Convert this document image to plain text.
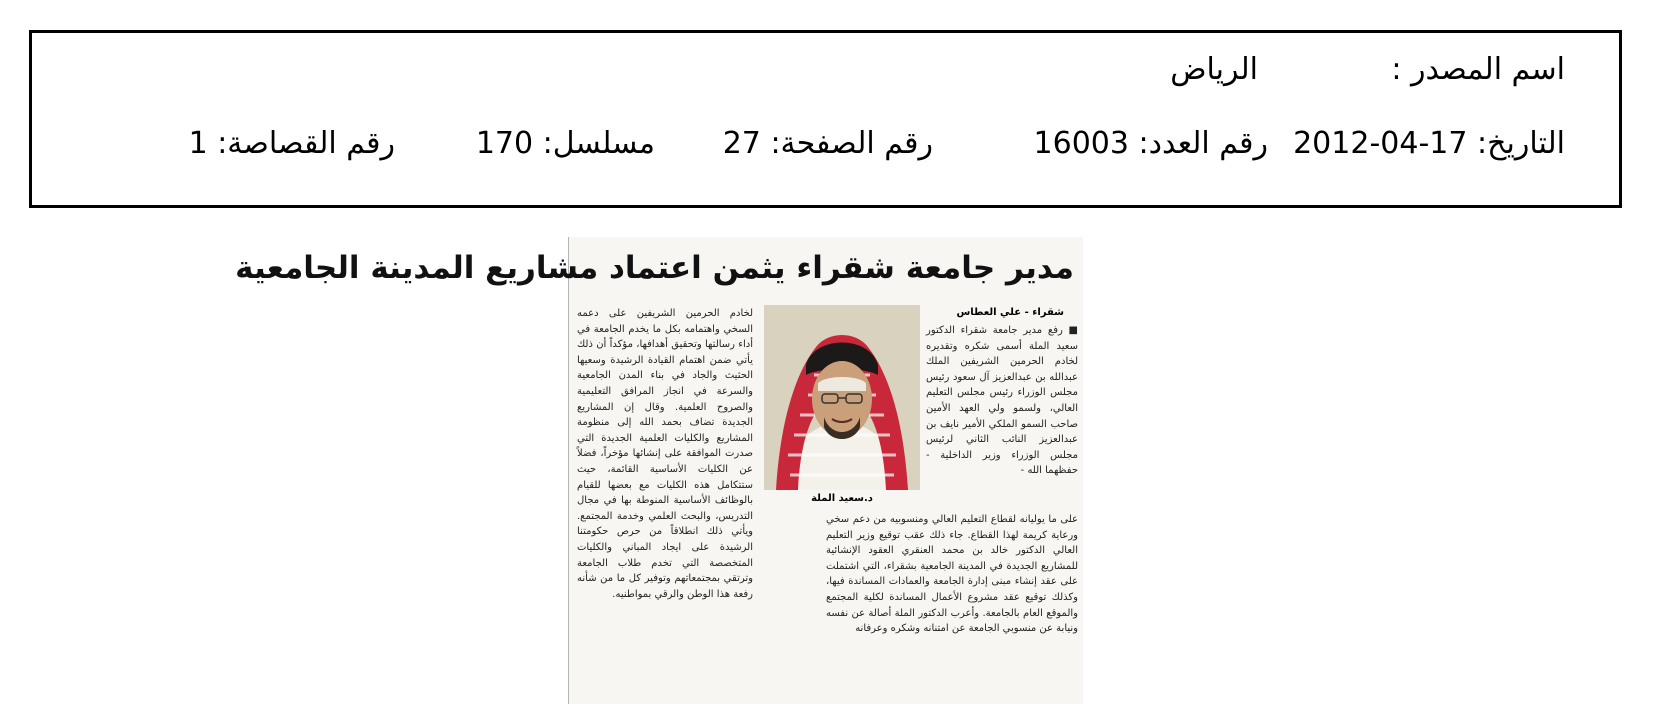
اسم المصدر :
الرياض
التاريخ: 17-04-2012
رقم العدد: 16003
رقم الصفحة: 27
مسلسل: 170
رقم القصاصة: 1
مدير جامعة شقراء يثمن اعتماد مشاريع المدينة الجامعية
شقراء - علي العطاس
■ رفع مدير جامعة شقراء الدكتور سعيد الملة أسمى شكره وتقديره لخادم الحرمين الشريفين الملك عبدالله بن عبدالعزيز آل سعود رئيس مجلس الوزراء رئيس مجلس التعليم العالي، ولسمو ولي العهد الأمين صاحب السمو الملكي الأمير نايف بن عبدالعزيز النائب الثاني لرئيس مجلس الوزراء وزير الداخلية - حفظهما الله -
د.سعيد الملة
على ما يوليانه لقطاع التعليم العالي ومنسوبيه من دعم سخي ورعاية كريمة لهذا القطاع. جاء ذلك عقب توقيع وزير التعليم العالي الدكتور خالد بن محمد العنقري العقود الإنشائية للمشاريع الجديدة في المدينة الجامعية بشقراء، التي اشتملت على عقد إنشاء مبنى إدارة الجامعة والعمادات المساندة فيها، وكذلك توقيع عقد مشروع الأعمال المساندة لكلية المجتمع والموقع العام بالجامعة. وأعرب الدكتور الملة أصالة عن نفسه ونيابة عن منسوبي الجامعة عن امتنانه وشكره وعرفانه
لخادم الحرمين الشريفين على دعمه السخي واهتمامه بكل ما يخدم الجامعة في أداء رسالتها وتحقيق أهدافها، مؤكداً أن ذلك يأتي ضمن اهتمام القيادة الرشيدة وسعيها الحثيث والجاد في بناء المدن الجامعية والسرعة في انجاز المرافق التعليمية والصروح العلمية. وقال إن المشاريع الجديدة تضاف بحمد الله إلى منظومة المشاريع والكليات العلمية الجديدة التي صدرت الموافقة على إنشائها مؤخراً، فضلاً عن الكليات الأساسية القائمة، حيث ستتكامل هذه الكليات مع بعضها للقيام بالوظائف الأساسية المنوطة بها في مجال التدريس، والبحث العلمي وخدمة المجتمع. ويأتي ذلك انطلاقاً من حرص حكومتنا الرشيدة على ايجاد المباني والكليات المتخصصة التي تخدم طلاب الجامعة وترتقي بمجتمعاتهم وتوفير كل ما من شأنه رفعة هذا الوطن والرقي بمواطنيه.
